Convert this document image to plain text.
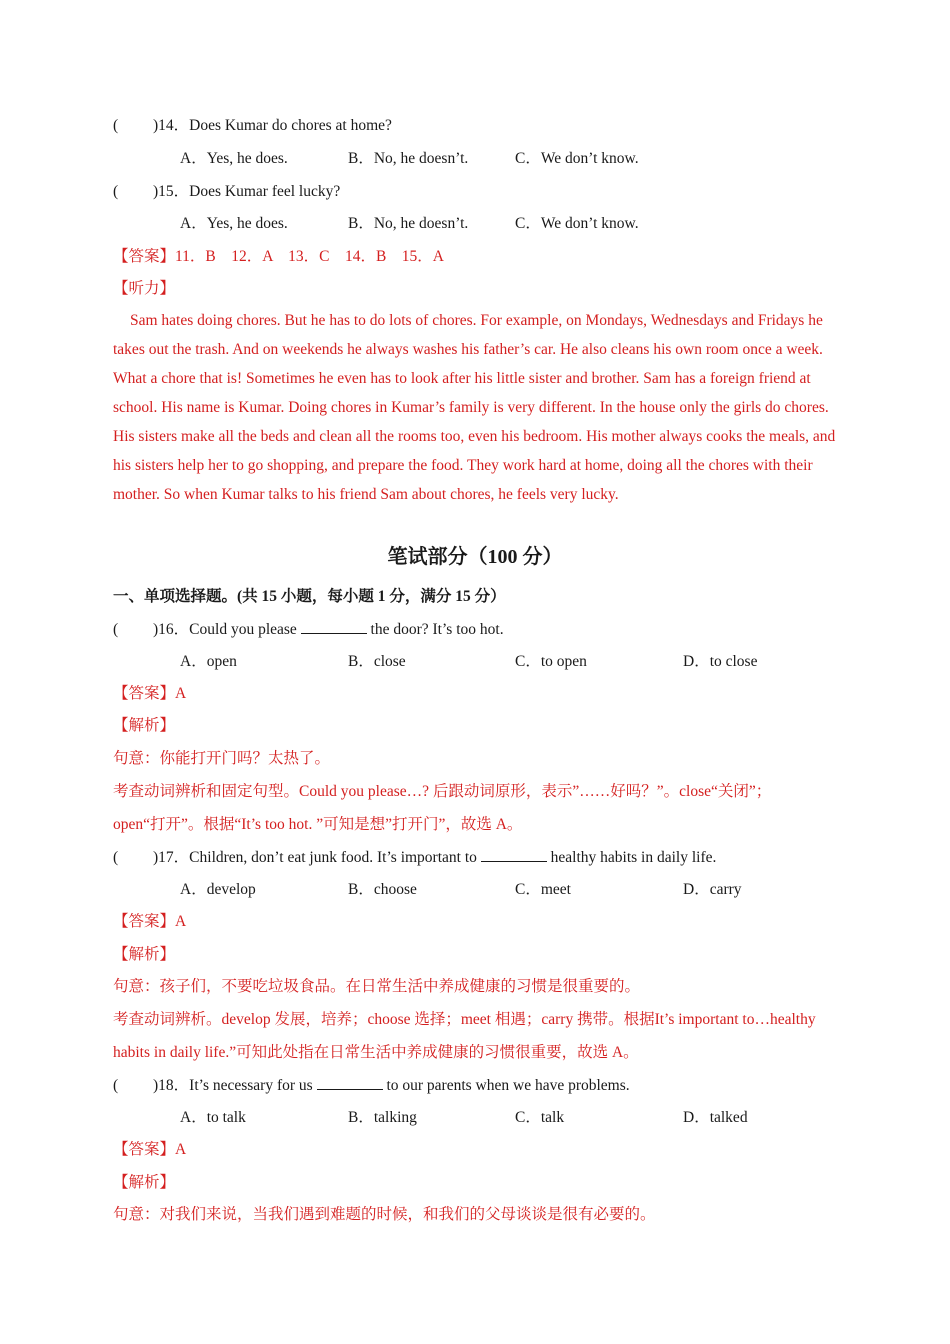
( )14．Does Kumar do chores at home?
A．Yes, he does.	B．No, he doesn’t.	C．We don’t know.
( )15．Does Kumar feel lucky?
A．Yes, he does.	B．No, he doesn’t.	C．We don’t know.
【答案】11．B　12．A　13．C　14．B　15．A
【听力】
Sam hates doing chores. But he has to do lots of chores. For example, on Mondays, Wednesdays and Fridays he takes out the trash. And on weekends he always washes his father’s car. He also cleans his own room once a week. What a chore that is! Sometimes he even has to look after his little sister and brother. Sam has a foreign friend at school. His name is Kumar. Doing chores in Kumar’s family is very different. In the house only the girls do chores. His sisters make all the beds and clean all the rooms too, even his bedroom. His mother always cooks the meals, and his sisters help her to go shopping, and prepare the food. They work hard at home, doing all the chores with their mother. So when Kumar talks to his friend Sam about chores, he feels very lucky.
笔试部分（100 分）
一、单项选择题。(共 15 小题，每小题 1 分，满分 15 分）
( )16．Could you please	the door? It’s too hot.
A．open	B．close	C．to open	D．to close
【答案】A
【解析】
句意：你能打开门吗？太热了。
考查动词辨析和固定句型。Could you please…? 后跟动词原形，表示”……好吗？”。close“关闭”；
open“打开”。根据“It’s too hot. ”可知是想”打开门”，故选 A。
( )17．Children, don’t eat junk food. It’s important to	healthy habits in daily life.
A．develop	B．choose	C．meet	D．carry
【答案】A
【解析】
句意：孩子们，不要吃垃圾食品。在日常生活中养成健康的习惯是很重要的。
考查动词辨析。develop 发展，培养；choose 选择；meet 相遇；carry 携带。根据It’s important to…healthy
habits in daily life.”可知此处指在日常生活中养成健康的习惯很重要，故选 A。
( )18．It’s necessary for us	to our parents when we have problems.
A．to talk	B．talking	C．talk	D．talked
【答案】A
【解析】
句意：对我们来说，当我们遇到难题的时候，和我们的父母谈谈是很有必要的。
